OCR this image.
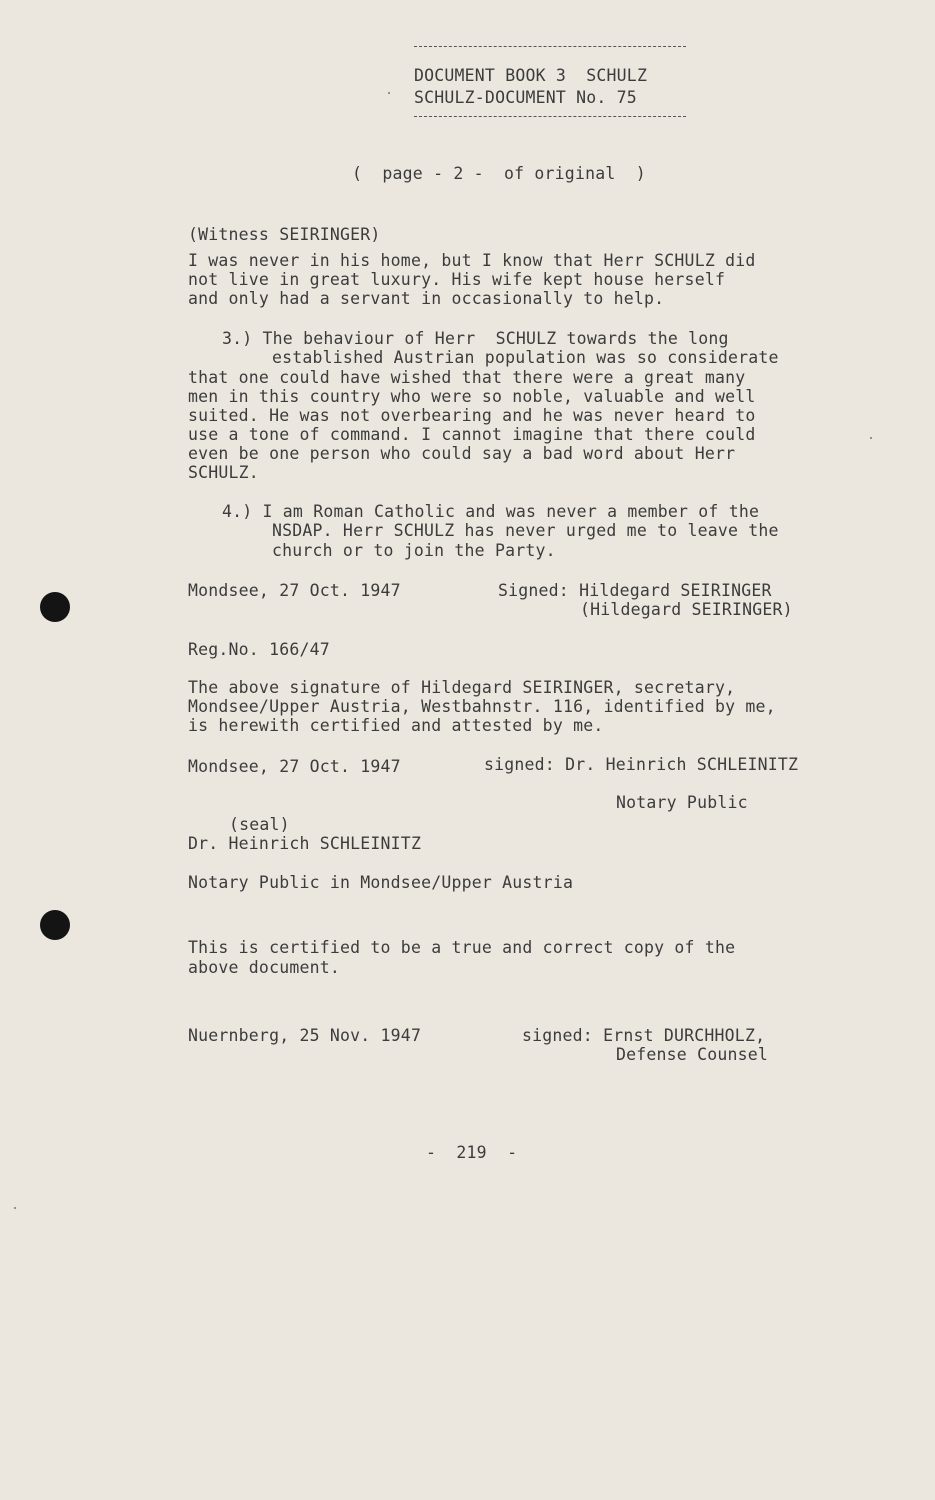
DOCUMENT BOOK 3  SCHULZ
SCHULZ-DOCUMENT No. 75
(  page - 2 -  of original  )
(Witness SEIRINGER)
I was never in his home, but I know that Herr SCHULZ did
not live in great luxury. His wife kept house herself
and only had a servant in occasionally to help.
3.) The behaviour of Herr  SCHULZ towards the long
established Austrian population was so considerate
that one could have wished that there were a great many
men in this country who were so noble, valuable and well
suited. He was not overbearing and he was never heard to
use a tone of command. I cannot imagine that there could
even be one person who could say a bad word about Herr
SCHULZ.
4.) I am Roman Catholic and was never a member of the
NSDAP. Herr SCHULZ has never urged me to leave the
church or to join the Party.
Mondsee, 27 Oct. 1947	Signed: Hildegard SEIRINGER
(Hildegard SEIRINGER)
Reg.No. 166/47
The above signature of Hildegard SEIRINGER, secretary,
Mondsee/Upper Austria, Westbahnstr. 116, identified by me,
is herewith certified and attested by me.
Mondsee, 27 Oct. 1947	signed: Dr. Heinrich SCHLEINITZ
Notary Public
(seal)
Dr. Heinrich SCHLEINITZ
Notary Public in Mondsee/Upper Austria
This is certified to be a true and correct copy of the
above document.
Nuernberg, 25 Nov. 1947	signed: Ernst DURCHHOLZ,
Defense Counsel
-  219  -
